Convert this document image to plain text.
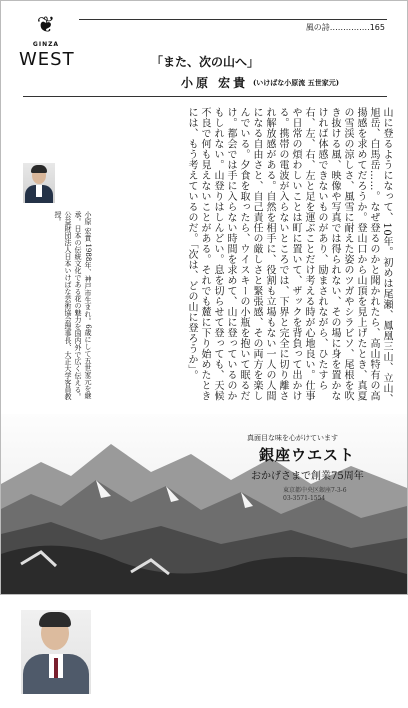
❦
GINZA
WEST
風の詩……………165
「また、次の山へ」
小原 宏貴 (いけばな小原流 五世家元)
山に登るようになって、10年。初めは尾瀬、鳳凰三山、立山、旭岳、白馬岳……。なぜ登るのかと聞かれたら、高山特有の高揚感を求めてだろうか。登山口から山頂を見上げたとき、真夏の雪渓の涼しさ、風雪に耐えた姿のツガやシラビソ、尾根を吹き抜ける風、映像や写真では得られない、その場に身を置かなければ体感できないものがあり、励まされながら、ひたすら右、左、右、左と足を運ぶことだけ考える時が心地良い。仕事や日常の煩わしいことは町に置いて、ザックを背負って出かける。携帯の電波が入らないところでは、下界と完全に切り離され解放感がある。自然を相手に、役割も立場もない一人の人間になる自由さと、自己責任の厳しさと緊張感、その両方を楽しんでいる。夕食を取ったら、ウイスキーの小瓶を抱いて眠るだけ。都会では手に入らない時間を求めて、山に登っているのかもしれない。山登りはしんどい。息を切らせて登っても、天候不良で何も見えないことがある。それでも麓に下り始めたときには、もう考えているのだ。「次は、どの山に登ろうか」。
小原 宏貴 1988年、神戸市生まれ。6歳にして五世家元を継承。日本の伝統文化である花の魅力を国内外で広く伝える。公益財団法人日本いけばな芸術協会理事長、大正大学客員教授。
真面目な味を心がけています
銀座ウエスト
おかげさまで創業75周年
東京都中央区銀座7-3-6
03-3571-1554
